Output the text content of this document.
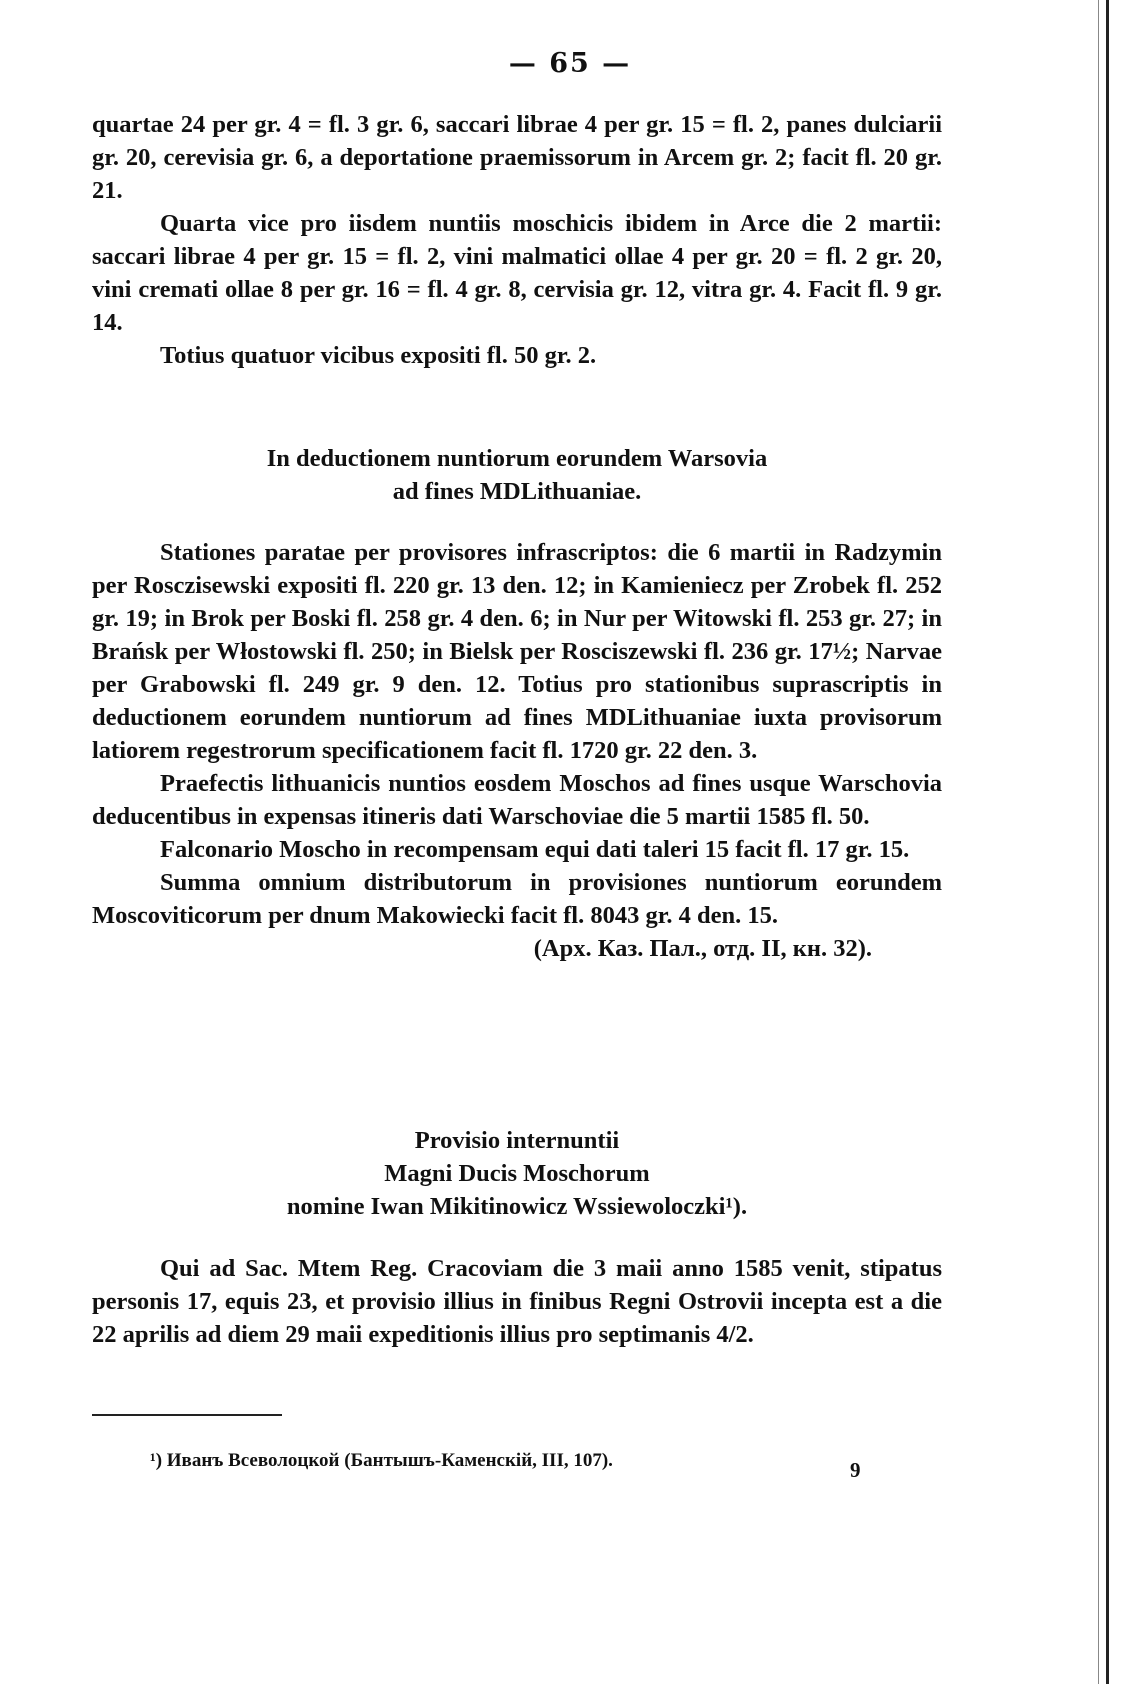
— 65 —

quartae 24 per gr. 4 = fl. 3 gr. 6, saccari librae 4 per gr. 15 = fl. 2, panes dulciarii gr. 20, cerevisia gr. 6, a deportatione praemissorum in Arcem gr. 2; facit fl. 20 gr. 21.

Quarta vice pro iisdem nuntiis moschicis ibidem in Arce die 2 martii: saccari librae 4 per gr. 15 = fl. 2, vini malmatici ollae 4 per gr. 20 = fl. 2 gr. 20, vini cremati ollae 8 per gr. 16 = fl. 4 gr. 8, cervisia gr. 12, vitra gr. 4. Facit fl. 9 gr. 14.

Totius quatuor vicibus expositi fl. 50 gr. 2.

In deductionem nuntiorum eorundem Warsovia
ad fines MDLithuaniae.

Stationes paratae per provisores infrascriptos: die 6 martii in Radzymin per Rosczisewski expositi fl. 220 gr. 13 den. 12; in Kamieniecz per Zrobek fl. 252 gr. 19; in Brok per Boski fl. 258 gr. 4 den. 6; in Nur per Witowski fl. 253 gr. 27; in Brańsk per Włostowski fl. 250; in Bielsk per Rosciszewski fl. 236 gr. 17½; Narvae per Grabowski fl. 249 gr. 9 den. 12. Totius pro stationibus suprascriptis in deductionem eorundem nuntiorum ad fines MDLithuaniae iuxta provisorum latiorem regestrorum specificationem facit fl. 1720 gr. 22 den. 3.

Praefectis lithuanicis nuntios eosdem Moschos ad fines usque Warschovia deducentibus in expensas itineris dati Warschoviae die 5 martii 1585 fl. 50.

Falconario Moscho in recompensam equi dati taleri 15 facit fl. 17 gr. 15.

Summa omnium distributorum in provisiones nuntiorum eorundem Moscoviticorum per dnum Makowiecki facit fl. 8043 gr. 4 den. 15.

(Арх. Каз. Пал., отд. II, кн. 32).

Provisio internuntii
Magni Ducis Moschorum
nomine Iwan Mikitinowicz Wssiewoloczki¹).

Qui ad Sac. Mtem Reg. Cracoviam die 3 maii anno 1585 venit, stipatus personis 17, equis 23, et provisio illius in finibus Regni Ostrovii incepta est a die 22 aprilis ad diem 29 maii expeditionis illius pro septimanis 4/2.

¹) Иванъ Всеволоцкой (Бантышъ-Каменскій, III, 107).	9
